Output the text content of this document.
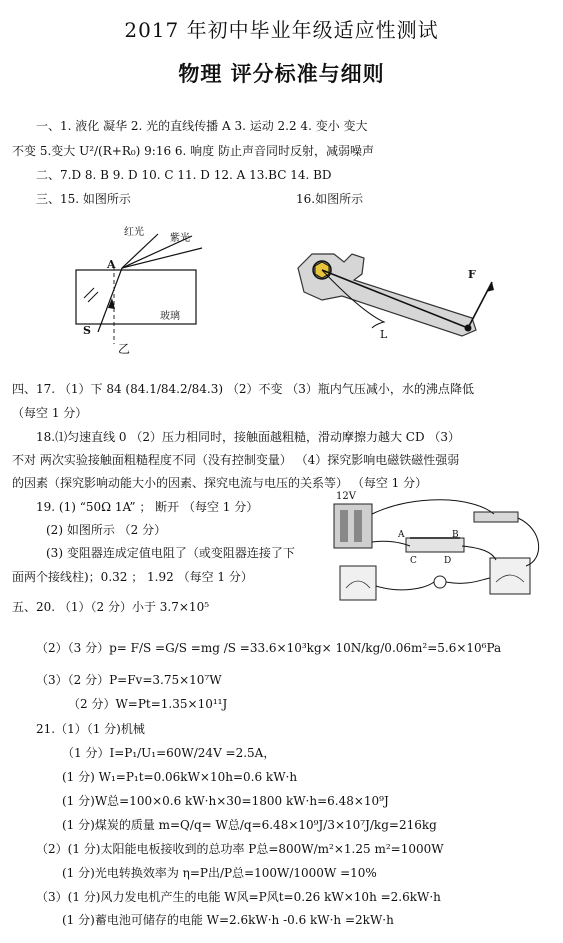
2017 年初中毕业年级适应性测试
物理 评分标准与细则
一、1. 液化 凝华 2. 光的直线传播 A 3. 运动 2.2 4. 变小 变大
不变 5.变大 U²/(R+R₀) 9:16 6. 响度 防止声音同时反射，减弱噪声
二、7.D 8. B 9. D 10. C 11. D 12. A 13.BC 14. BD
三、15. 如图所示	16.如图所示
红光
紫光
A
S
玻璃
乙
F
L
四、17. （1）下 84 (84.1/84.2/84.3) （2）不变 （3）瓶内气压减小，水的沸点降低
（每空 1 分）
18.⑴匀速直线 0 （2）压力相同时，接触面越粗糙，滑动摩擦力越大 CD （3）
不对 两次实验接触面粗糙程度不同（没有控制变量） （4）探究影响电磁铁磁性强弱
的因素（探究影响动能大小的因素、探究电流与电压的关系等） （每空 1 分）
19. (1) “50Ω 1A” ； 断开 （每空 1 分）
(2) 如图所示 （2 分）
(3) 变阻器连成定值电阻了（或变阻器连接了下
面两个接线柱)；0.32 ； 1.92 （每空 1 分）
12V
A	B
C	D
五、20. （1）（2 分）小于 3.7×10⁵
（2）（3 分）p= F/S =G/S =mg /S =33.6×10³kg× 10N/kg/0.06m²=5.6×10⁶Pa
（3）（2 分）P=Fv=3.75×10⁷W
（2 分）W=Pt=1.35×10¹¹J
21.（1）（1 分)机械
（1 分）I=P₁/U₁=60W/24V =2.5A，
(1 分) W₁=P₁t=0.06kW×10h=0.6 kW·h
(1 分)W总=100×0.6 kW·h×30=1800 kW·h=6.48×10⁹J
(1 分)煤炭的质量 m=Q/q= W总/q=6.48×10⁹J/3×10⁷J/kg=216kg
（2）(1 分)太阳能电板接收到的总功率 P总=800W/m²×1.25 m²=1000W
(1 分)光电转换效率为 η=P出/P总=100W/1000W =10%
（3）(1 分)风力发电机产生的电能 W风=P风t=0.26 kW×10h =2.6kW·h
(1 分)蓄电池可储存的电能 W=2.6kW·h -0.6 kW·h =2kW·h
